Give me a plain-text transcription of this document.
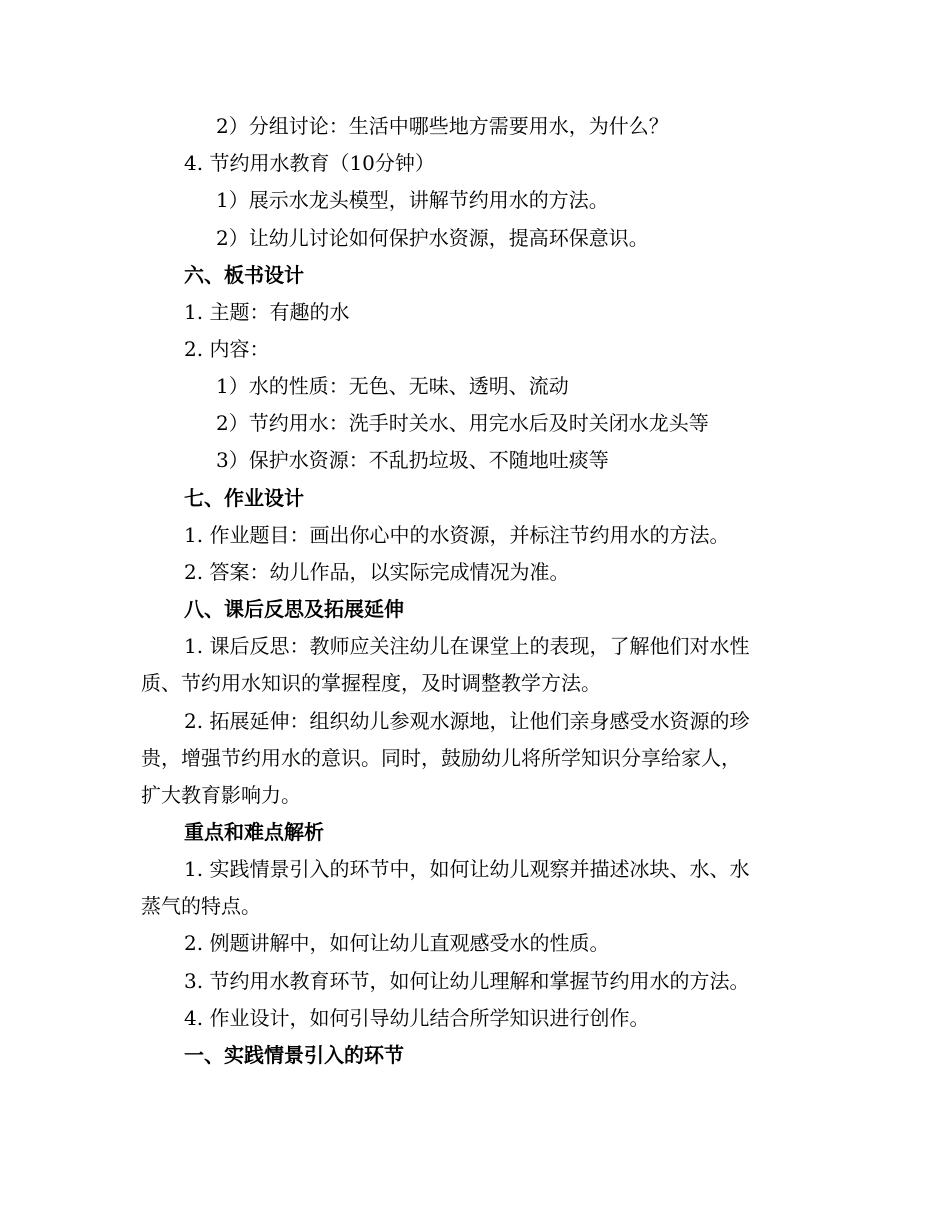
2）分组讨论：生活中哪些地方需要用水，为什么？
4. 节约用水教育（10分钟）
1）展示水龙头模型，讲解节约用水的方法。
2）让幼儿讨论如何保护水资源，提高环保意识。
六、板书设计
1. 主题：有趣的水
2. 内容：
1）水的性质：无色、无味、透明、流动
2）节约用水：洗手时关水、用完水后及时关闭水龙头等
3）保护水资源：不乱扔垃圾、不随地吐痰等
七、作业设计
1. 作业题目：画出你心中的水资源，并标注节约用水的方法。
2. 答案：幼儿作品，以实际完成情况为准。
八、课后反思及拓展延伸
1. 课后反思：教师应关注幼儿在课堂上的表现，了解他们对水性
质、节约用水知识的掌握程度，及时调整教学方法。
2. 拓展延伸：组织幼儿参观水源地，让他们亲身感受水资源的珍
贵，增强节约用水的意识。同时，鼓励幼儿将所学知识分享给家人，
扩大教育影响力。
重点和难点解析
1. 实践情景引入的环节中，如何让幼儿观察并描述冰块、水、水
蒸气的特点。
2. 例题讲解中，如何让幼儿直观感受水的性质。
3. 节约用水教育环节，如何让幼儿理解和掌握节约用水的方法。
4. 作业设计，如何引导幼儿结合所学知识进行创作。
一、实践情景引入的环节
